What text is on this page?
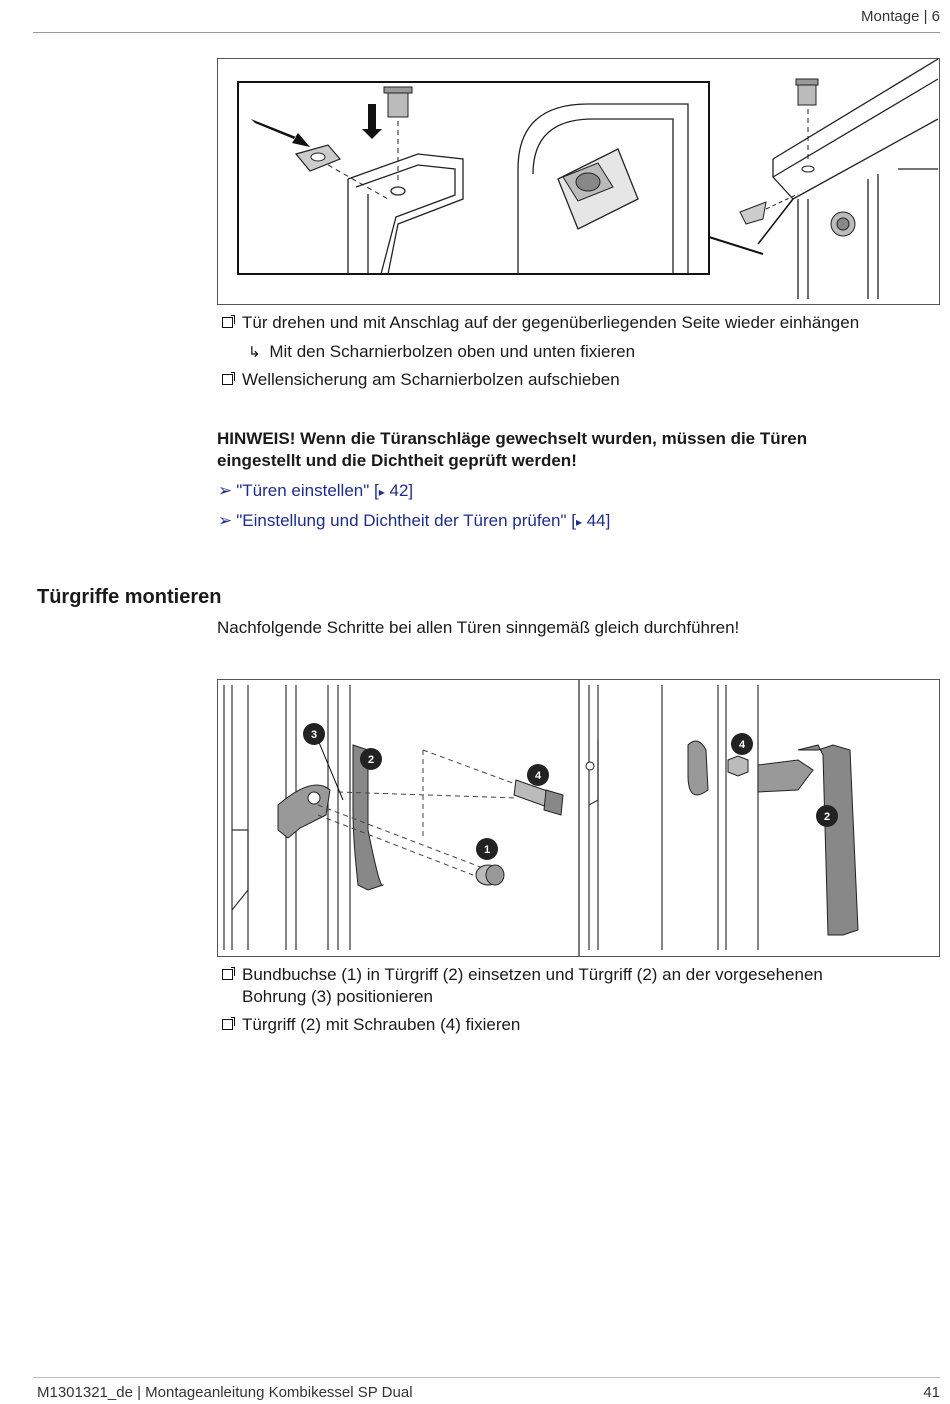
Montage | 6
Tür drehen und mit Anschlag auf der gegenüberliegenden Seite wieder einhängen
↳ Mit den Scharnierbolzen oben und unten fixieren
Wellensicherung am Scharnierbolzen aufschieben
HINWEIS! Wenn die Türanschläge gewechselt wurden, müssen die Türen
eingestellt und die Dichtheit geprüft werden!
➢ "Türen einstellen" [▸ 42]
➢ "Einstellung und Dichtheit der Türen prüfen" [▸ 44]
Türgriffe montieren
Nachfolgende Schritte bei allen Türen sinngemäß gleich durchführen!
3
2
4
1
4
2
Bundbuchse (1) in Türgriff (2) einsetzen und Türgriff (2) an der vorgesehenen
Bohrung (3) positionieren
Türgriff (2) mit Schrauben (4) fixieren
M1301321_de | Montageanleitung Kombikessel SP Dual	41
